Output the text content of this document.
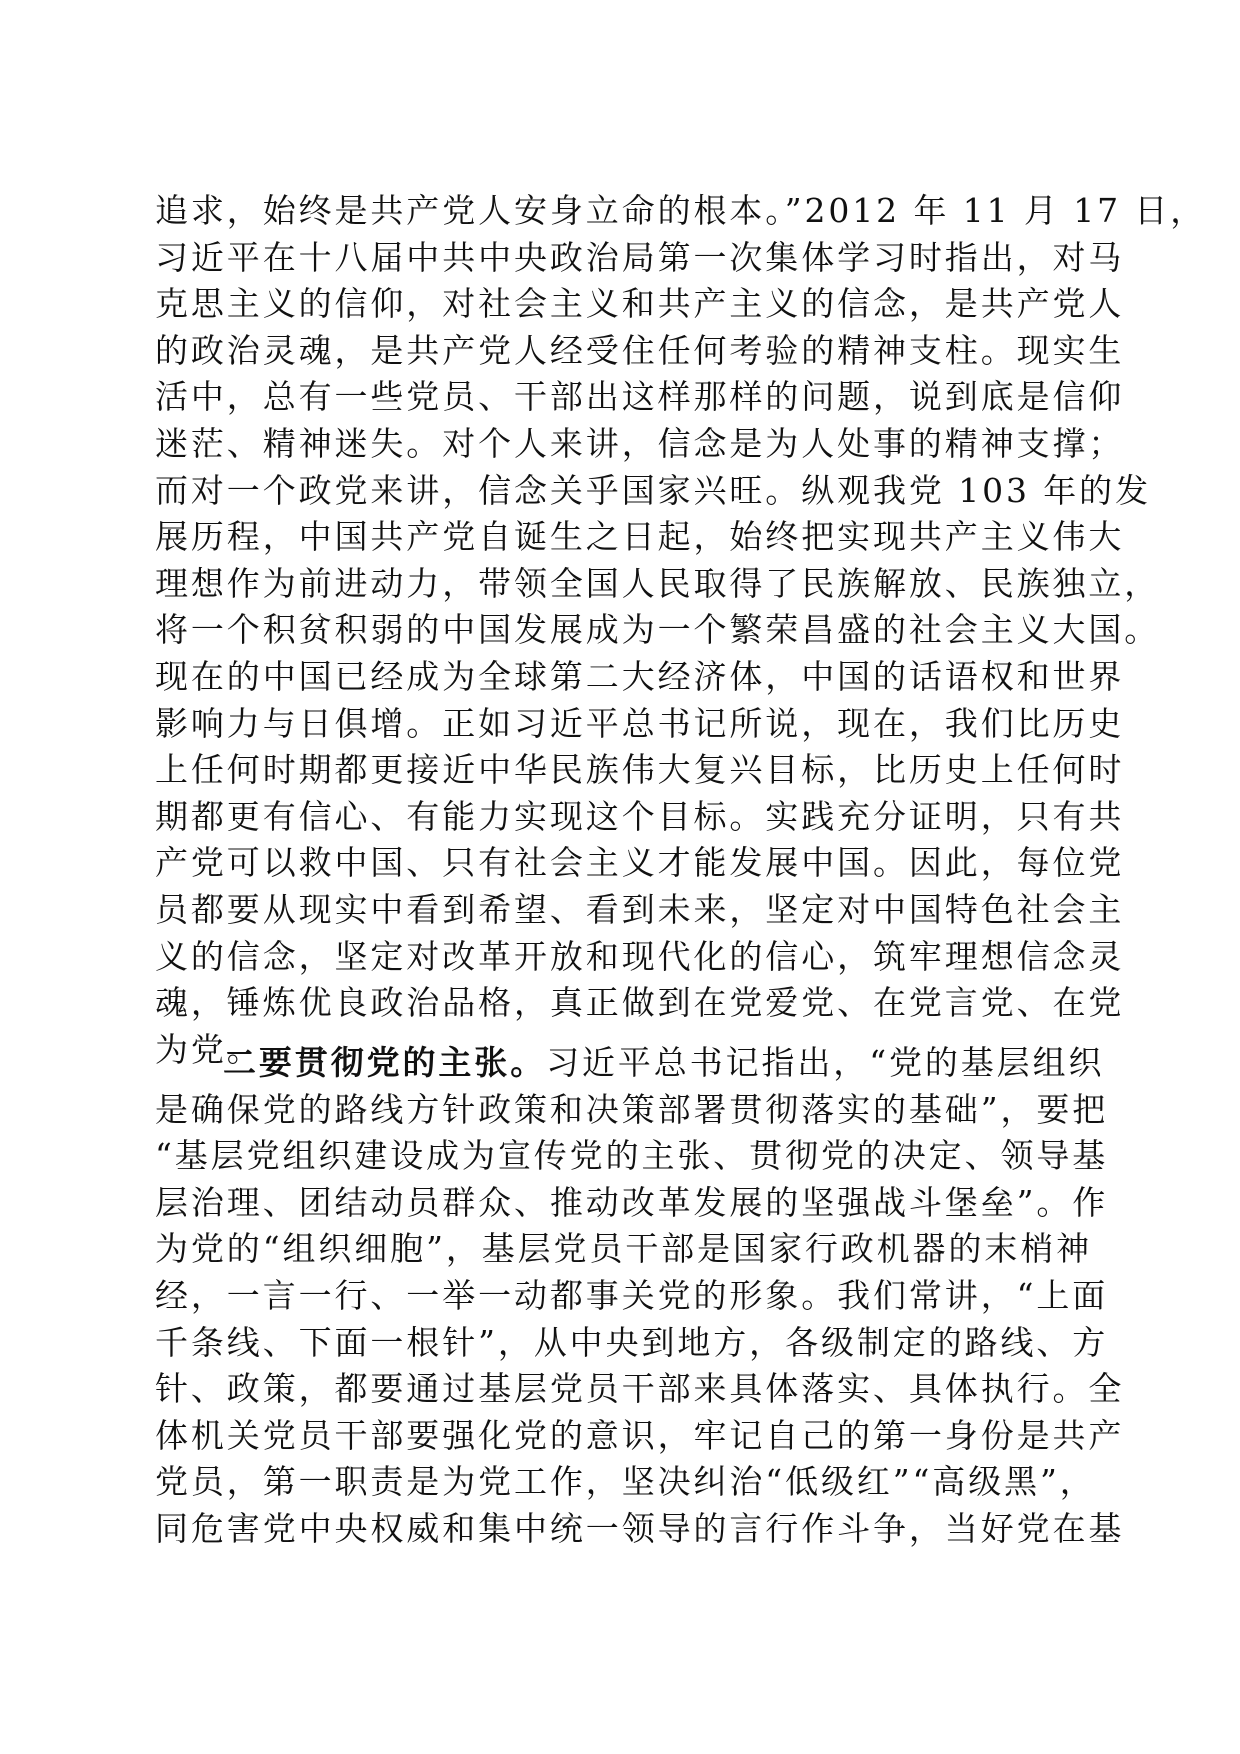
追求，始终是共产党人安身立命的根本。”2012 年 11 月 17 日，
习近平在十八届中共中央政治局第一次集体学习时指出，对马
克思主义的信仰，对社会主义和共产主义的信念，是共产党人
的政治灵魂，是共产党人经受住任何考验的精神支柱。现实生
活中，总有一些党员、干部出这样那样的问题，说到底是信仰
迷茫、精神迷失。对个人来讲，信念是为人处事的精神支撑；
而对一个政党来讲，信念关乎国家兴旺。纵观我党 103 年的发
展历程，中国共产党自诞生之日起，始终把实现共产主义伟大
理想作为前进动力，带领全国人民取得了民族解放、民族独立，
将一个积贫积弱的中国发展成为一个繁荣昌盛的社会主义大国。
现在的中国已经成为全球第二大经济体，中国的话语权和世界
影响力与日俱增。正如习近平总书记所说，现在，我们比历史
上任何时期都更接近中华民族伟大复兴目标，比历史上任何时
期都更有信心、有能力实现这个目标。实践充分证明，只有共
产党可以救中国、只有社会主义才能发展中国。因此，每位党
员都要从现实中看到希望、看到未来，坚定对中国特色社会主
义的信念，坚定对改革开放和现代化的信心，筑牢理想信念灵
魂，锤炼优良政治品格，真正做到在党爱党、在党言党、在党
为党。
二要贯彻党的主张。习近平总书记指出，“党的基层组织
是确保党的路线方针政策和决策部署贯彻落实的基础”，要把
“基层党组织建设成为宣传党的主张、贯彻党的决定、领导基
层治理、团结动员群众、推动改革发展的坚强战斗堡垒”。作
为党的“组织细胞”，基层党员干部是国家行政机器的末梢神
经，一言一行、一举一动都事关党的形象。我们常讲，“上面
千条线、下面一根针”，从中央到地方，各级制定的路线、方
针、政策，都要通过基层党员干部来具体落实、具体执行。全
体机关党员干部要强化党的意识，牢记自己的第一身份是共产
党员，第一职责是为党工作，坚决纠治“低级红”“高级黑”，
同危害党中央权威和集中统一领导的言行作斗争，当好党在基
